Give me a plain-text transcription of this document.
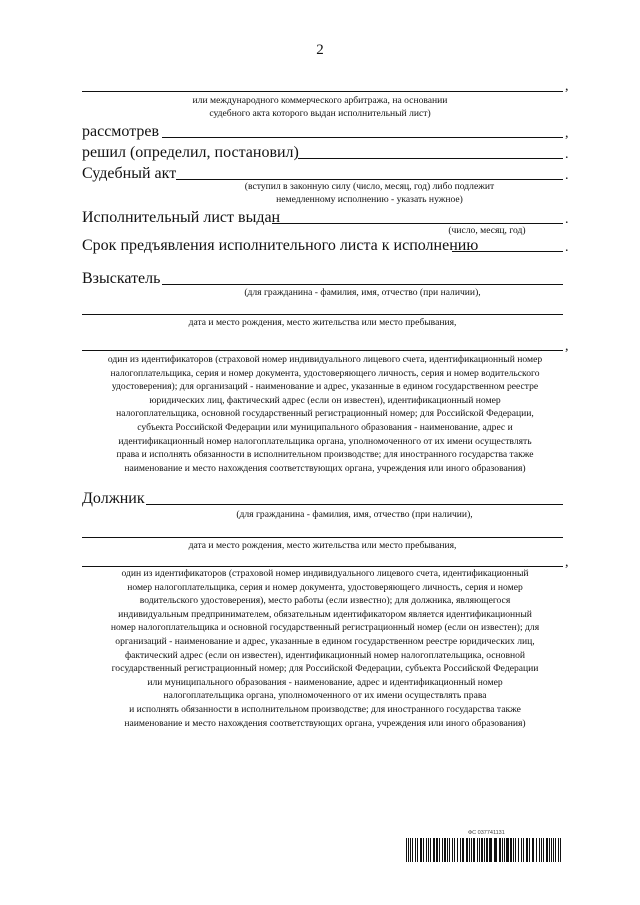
2
,
или международного коммерческого арбитража, на основании
судебного акта которого выдан исполнительный лист)
рассмотрев	,
решил (определил, постановил)	.
Судебный акт	.
(вступил в законную силу (число, месяц, год) либо подлежит
немедленному исполнению - указать нужное)
Исполнительный лист выдан	.
(число, месяц, год)
Срок предъявления исполнительного листа к исполнению	.
Взыскатель
(для гражданина - фамилия, имя, отчество (при наличии),
дата и место рождения, место жительства или место пребывания,
,
один из идентификаторов (страховой номер индивидуального лицевого счета, идентификационный номер
налогоплательщика, серия и номер документа, удостоверяющего личность, серия и номер водительского
удостоверения); для организаций - наименование и адрес, указанные в едином государственном реестре
юридических лиц, фактический адрес (если он известен), идентификационный номер
налогоплательщика, основной государственный регистрационный номер; для Российской Федерации,
субъекта Российской Федерации или муниципального образования - наименование, адрес и
идентификационный номер налогоплательщика органа, уполномоченного от их имени осуществлять
права и исполнять обязанности в исполнительном производстве; для иностранного государства также
наименование и место нахождения соответствующих органа, учреждения или иного образования)
Должник
(для гражданина - фамилия, имя, отчество (при наличии),
дата и место рождения, место жительства или место пребывания,
,
один из идентификаторов (страховой номер индивидуального лицевого счета, идентификационный
номер налогоплательщика, серия и номер документа, удостоверяющего личность, серия и номер
водительского удостоверения), место работы (если известно); для должника, являющегося
индивидуальным предпринимателем, обязательным идентификатором является идентификационный
номер налогоплательщика и основной государственный регистрационный номер (если он известен); для
организаций - наименование и адрес, указанные в едином государственном реестре юридических лиц,
фактический адрес (если он известен), идентификационный номер налогоплательщика, основной
государственный регистрационный номер; для Российской Федерации, субъекта Российской Федерации
или муниципального образования - наименование, адрес и идентификационный номер
налогоплательщика органа, уполномоченного от их имени осуществлять права
и исполнять обязанности в исполнительном производстве; для иностранного государства также
наименование и место нахождения соответствующих органа, учреждения или иного образования)
ФС 037741131
